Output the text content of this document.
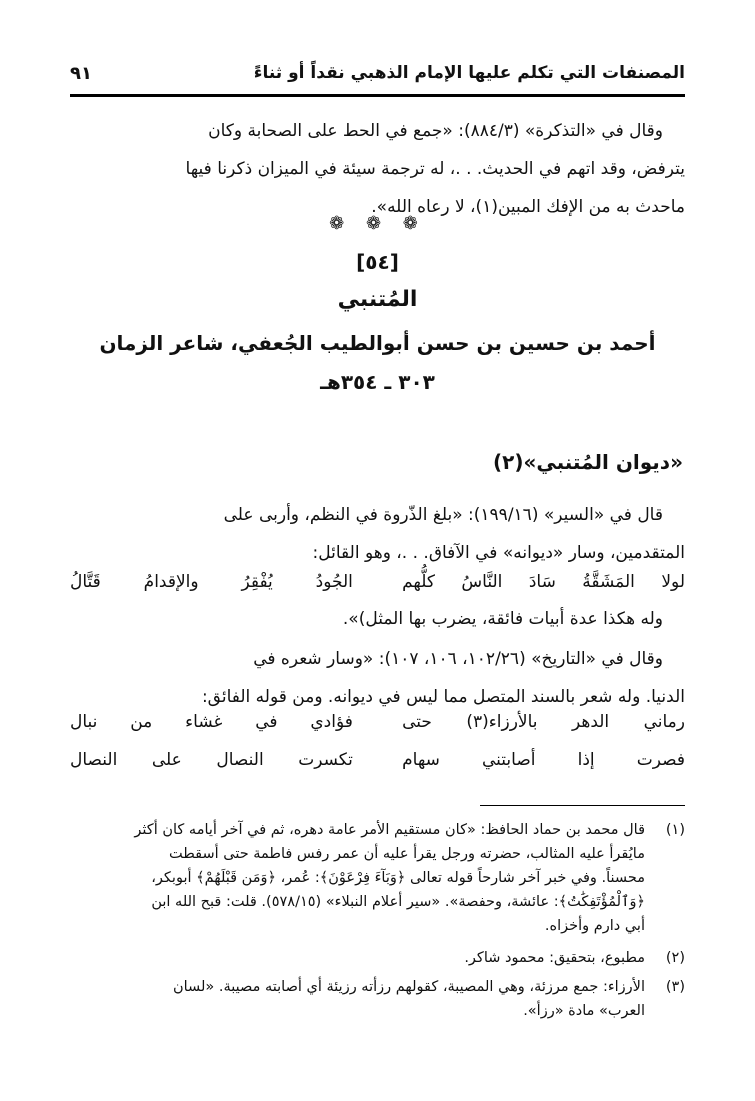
المصنفات التي تكلم عليها الإمام الذهبي نقداً أو ثناءً
٩١
وقال في «التذكرة» (٨٨٤/٣): «جمع في الحط على الصحابة وكان
يترفض، وقد اتهم في الحديث. . .، له ترجمة سيئة في الميزان ذكرنا فيها
ماحدث به من الإفك المبين(١)، لا رعاه الله».
❁ ❁ ❁
[٥٤]
المُتنبي
أحمد بن حسين بن حسن أبوالطيب الجُعفي، شاعر الزمان
٣٠٣ ـ ٣٥٤هـ
«ديوان المُتنبي»(٢)
قال في «السير» (١٩٩/١٦): «بلغ الذّروة في النظم، وأربى على
المتقدمين، وسار «ديوانه» في الآفاق. . .، وهو القائل:
لولا المَشَقَّةُ سَادَ النَّاسُ كلُّهم
الجُودُ يُفْقِرُ والإقدامُ قَتَّالُ
وله هكذا عدة أبيات فائقة، يضرب بها المثل)».
وقال في «التاريخ» (١٠٢/٢٦، ١٠٦، ١٠٧): «وسار شعره في
الدنيا. وله شعر بالسند المتصل مما ليس في ديوانه. ومن قوله الفائق:
رماني الدهر بالأرزاء(٣) حتى
فؤادي في غشاء من نبال
فصرت إذا أصابتني سهام
تكسرت النصال على النصال
(١)
قال محمد بن حماد الحافظ: «كان مستقيم الأمر عامة دهره، ثم في آخر أيامه كان أكثر
مايُقرأ عليه المثالب، حضرته ورجل يقرأ عليه أن عمر رفس فاطمة حتى أسقطت
محسناً. وفي خبر آخر شارحاً قوله تعالى ﴿وَبَآءَ فِرْعَوْنَ﴾: عُمر، ﴿وَمَن قَبْلَهُمْ﴾ أبوبكر،
﴿وَٱلْمُؤْتَفِكَٰتُ﴾: عائشة، وحفصة». «سير أعلام النبلاء» (٥٧٨/١٥). قلت: قبح الله ابن
أبي دارم وأخزاه.
(٢)
مطبوع، بتحقيق: محمود شاكر.
(٣)
الأرزاء: جمع مرزئة، وهي المصيبة، كقولهم رزأته رزيئة أي أصابته مصيبة. «لسان
العرب» مادة «رزأ».
